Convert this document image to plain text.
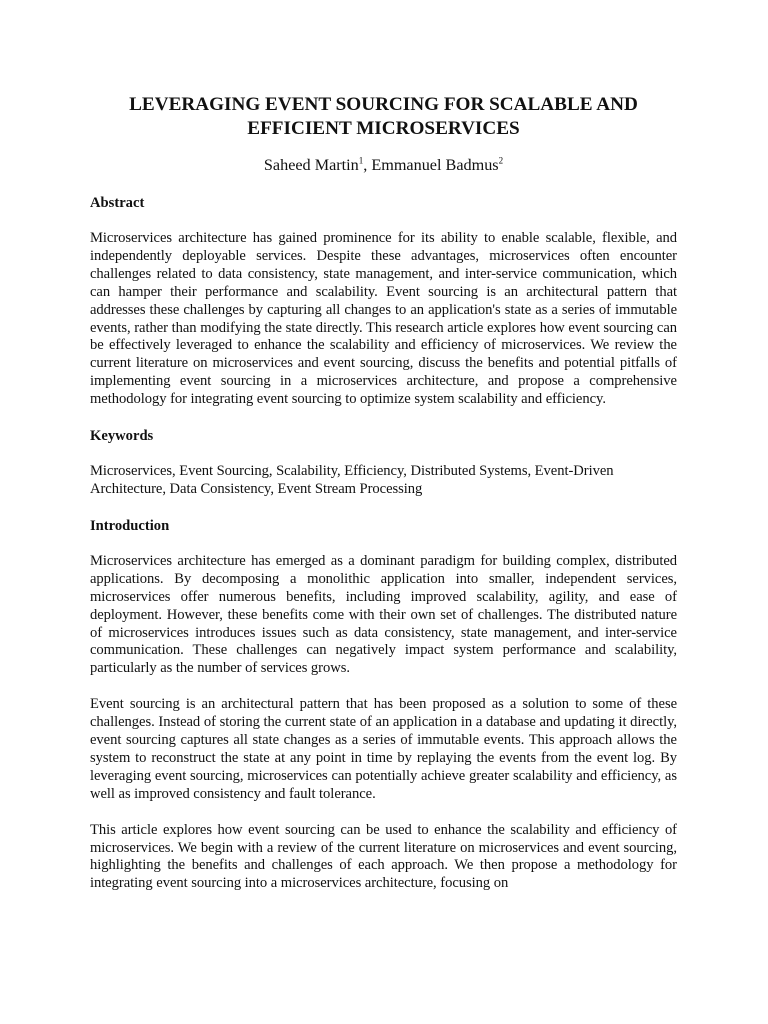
LEVERAGING EVENT SOURCING FOR SCALABLE AND
EFFICIENT MICROSERVICES
Saheed Martin$^1$, Emmanuel Badmus$^2$
Abstract

Microservices architecture has gained prominence for its ability to enable scalable, flexible, and independently deployable services. Despite these advantages, microservices often encounter challenges related to data consistency, state management, and inter-service communication, which can hamper their performance and scalability. Event sourcing is an architectural pattern that addresses these challenges by capturing all changes to an application's state as a series of immutable events, rather than modifying the state directly. This research article explores how event sourcing can be effectively leveraged to enhance the scalability and efficiency of microservices. We review the current literature on microservices and event sourcing, discuss the benefits and potential pitfalls of implementing event sourcing in a microservices architecture, and propose a comprehensive methodology for integrating event sourcing to optimize system scalability and efficiency.

Keywords

Microservices, Event Sourcing, Scalability, Efficiency, Distributed Systems, Event-Driven Architecture, Data Consistency, Event Stream Processing

Introduction

Microservices architecture has emerged as a dominant paradigm for building complex, distributed applications. By decomposing a monolithic application into smaller, independent services, microservices offer numerous benefits, including improved scalability, agility, and ease of deployment. However, these benefits come with their own set of challenges. The distributed nature of microservices introduces issues such as data consistency, state management, and inter-service communication. These challenges can negatively impact system performance and scalability, particularly as the number of services grows.

Event sourcing is an architectural pattern that has been proposed as a solution to some of these challenges. Instead of storing the current state of an application in a database and updating it directly, event sourcing captures all state changes as a series of immutable events. This approach allows the system to reconstruct the state at any point in time by replaying the events from the event log. By leveraging event sourcing, microservices can potentially achieve greater scalability and efficiency, as well as improved consistency and fault tolerance.

This article explores how event sourcing can be used to enhance the scalability and efficiency of microservices. We begin with a review of the current literature on microservices and event sourcing, highlighting the benefits and challenges of each approach. We then propose a methodology for integrating event sourcing into a microservices architecture, focusing on
